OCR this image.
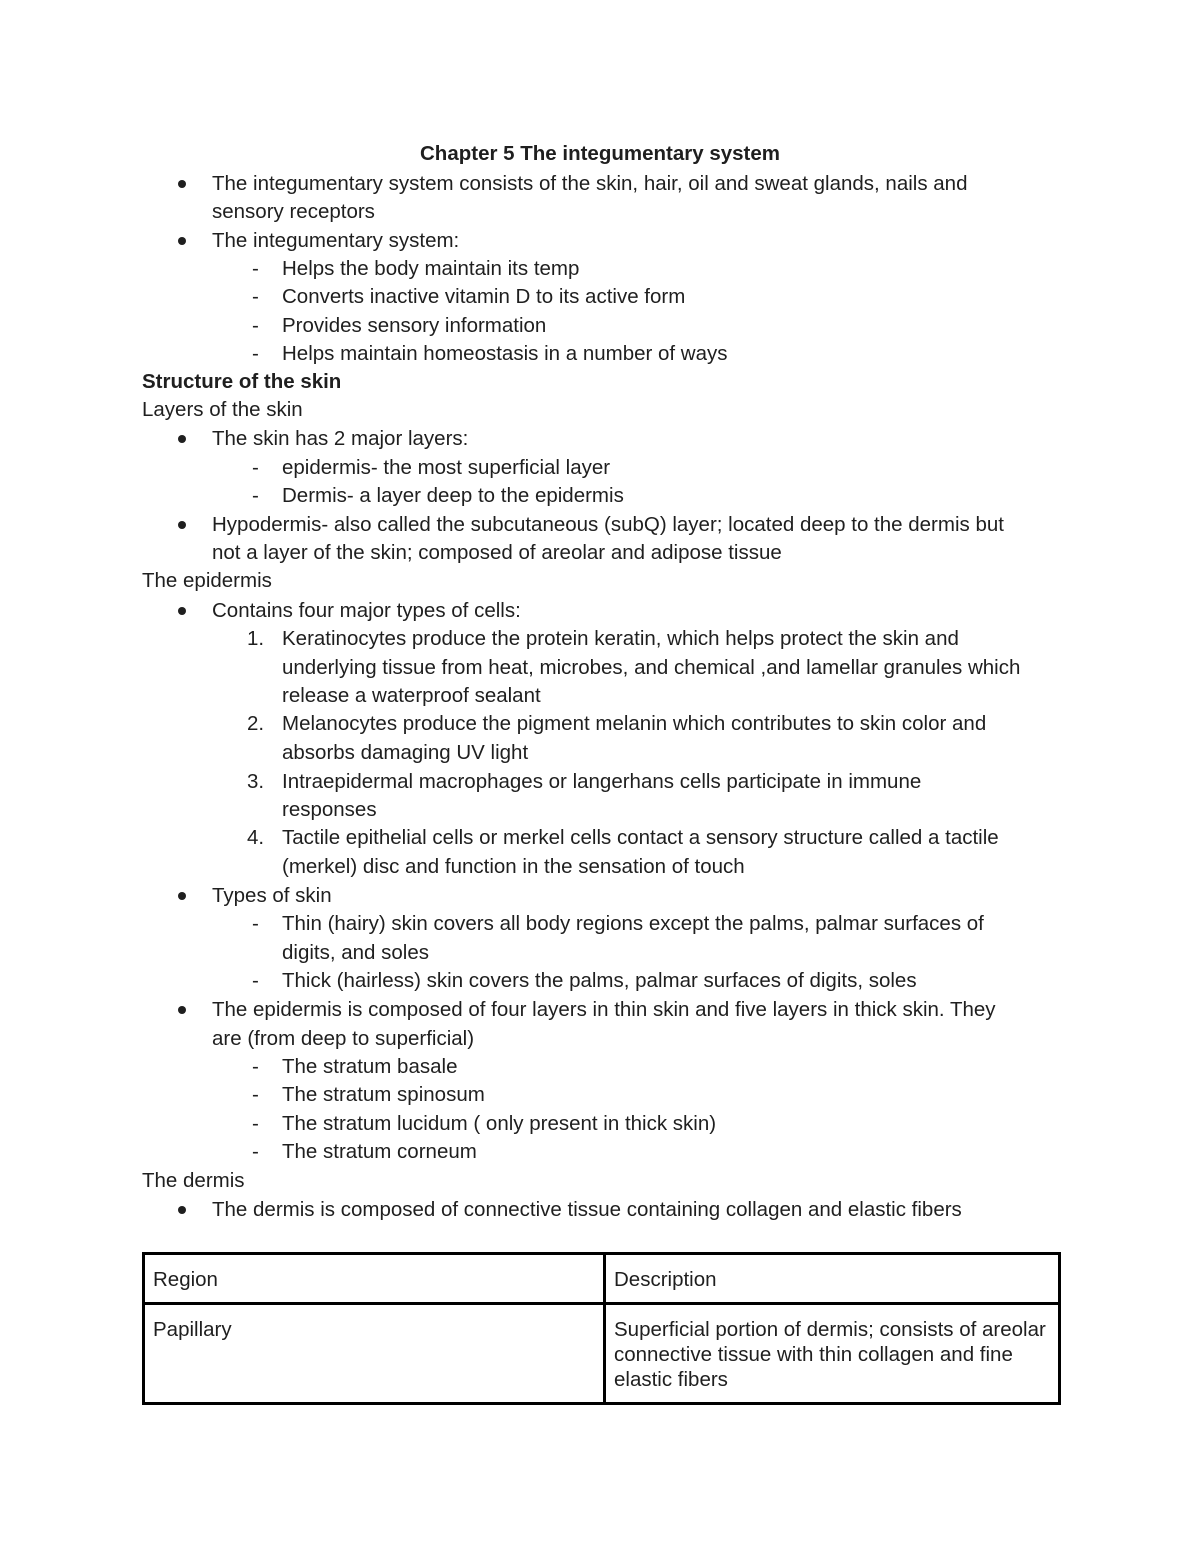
Chapter 5 The integumentary system
The integumentary system consists of the skin, hair, oil and sweat glands, nails and
sensory receptors
The integumentary system:
- Helps the body maintain its temp
- Converts inactive vitamin D to its active form
- Provides sensory information
- Helps maintain homeostasis in a number of ways
Structure of the skin
Layers of the skin
The skin has 2 major layers:
- epidermis- the most superficial layer
- Dermis- a layer deep to the epidermis
Hypodermis- also called the subcutaneous (subQ) layer; located deep to the dermis but
not a layer of the skin; composed of areolar and adipose tissue
The epidermis
Contains four major types of cells:
1. Keratinocytes produce the protein keratin, which helps protect the skin and
underlying tissue from heat, microbes, and chemical ,and lamellar granules which
release a waterproof sealant
2. Melanocytes produce the pigment melanin which contributes to skin color and
absorbs damaging UV light
3. Intraepidermal macrophages or langerhans cells participate in immune
responses
4. Tactile epithelial cells or merkel cells contact a sensory structure called a tactile
(merkel) disc and function in the sensation of touch
Types of skin
- Thin (hairy) skin covers all body regions except the palms, palmar surfaces of
digits, and soles
- Thick (hairless) skin covers the palms, palmar surfaces of digits, soles
The epidermis is composed of four layers in thin skin and five layers in thick skin. They
are (from deep to superficial)
- The stratum basale
- The stratum spinosum
- The stratum lucidum ( only present in thick skin)
- The stratum corneum
The dermis
The dermis is composed of connective tissue containing collagen and elastic fibers
Region	Description
Papillary	Superficial portion of dermis; consists of areolar connective tissue with thin collagen and fine elastic fibers
